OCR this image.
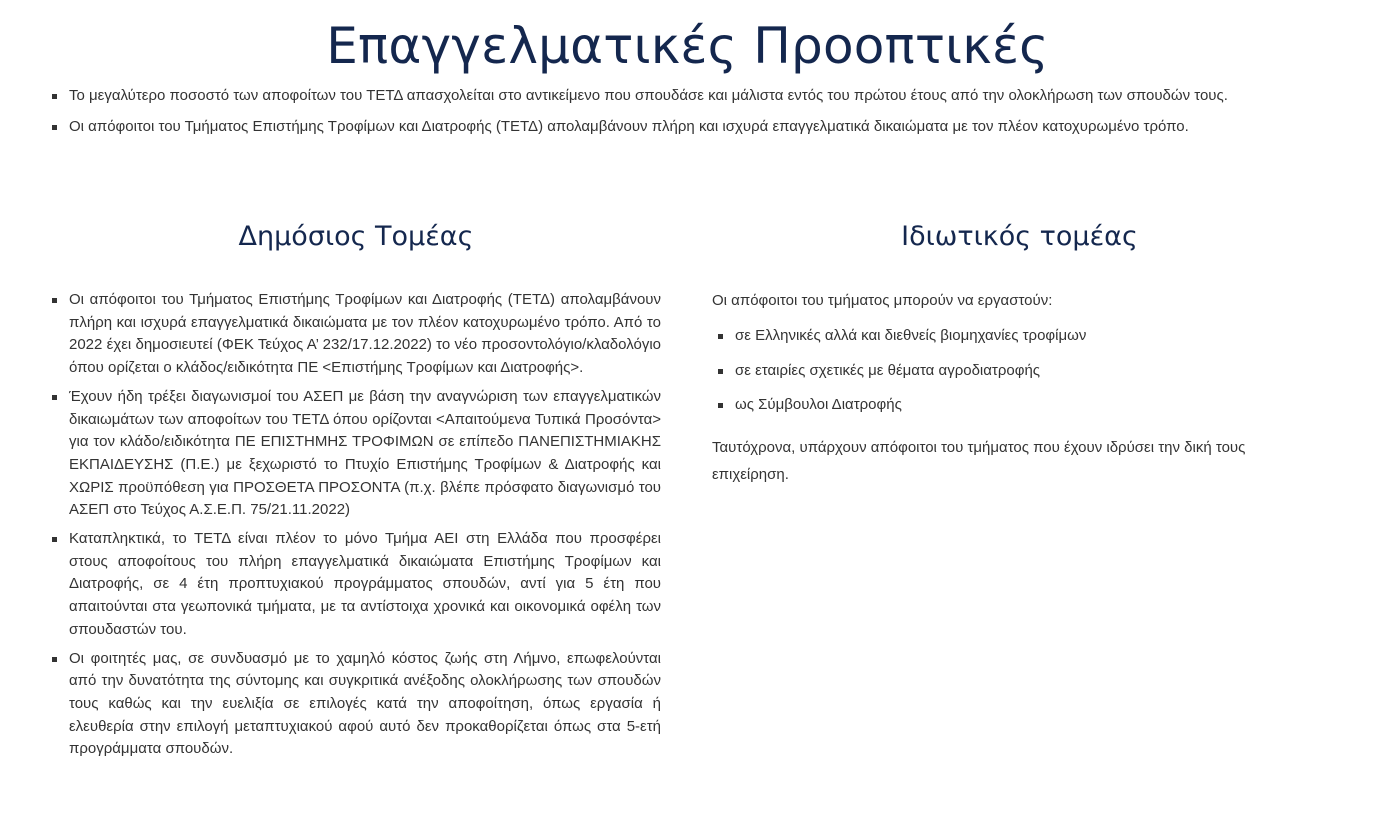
Επαγγελματικές Προοπτικές
Το μεγαλύτερο ποσοστό των αποφοίτων του ΤΕΤΔ απασχολείται στο αντικείμενο που σπουδάσε και μάλιστα εντός του πρώτου έτους από την ολοκλήρωση των σπουδών τους.
Οι απόφοιτοι του Τμήματος Επιστήμης Τροφίμων και Διατροφής (ΤΕΤΔ) απολαμβάνουν πλήρη και ισχυρά επαγγελματικά δικαιώματα με τον πλέον κατοχυρωμένο τρόπο.
Δημόσιος Τομέας
Οι απόφοιτοι του Τμήματος Επιστήμης Τροφίμων και Διατροφής (ΤΕΤΔ) απολαμβάνουν πλήρη και ισχυρά επαγγελματικά δικαιώματα με τον πλέον κατοχυρωμένο τρόπο. Από το 2022 έχει δημοσιευτεί (ΦΕΚ Τεύχος Α’ 232/17.12.2022) το νέο προσοντολόγιο/κλαδολόγιο όπου ορίζεται ο κλάδος/ειδικότητα ΠΕ <Επιστήμης Τροφίμων και Διατροφής>.
Έχουν ήδη τρέξει διαγωνισμοί του ΑΣΕΠ με βάση την αναγνώριση των επαγγελματικών δικαιωμάτων των αποφοίτων του ΤΕΤΔ όπου ορίζονται <Απαιτούμενα Τυπικά Προσόντα> για τον κλάδο/ειδικότητα ΠΕ ΕΠΙΣΤΗΜΗΣ ΤΡΟΦΙΜΩΝ σε επίπεδο ΠΑΝΕΠΙΣΤΗΜΙΑΚΗΣ ΕΚΠΑΙΔΕΥΣΗΣ (Π.Ε.) με ξεχωριστό το Πτυχίο Επιστήμης Τροφίμων & Διατροφής και ΧΩΡΙΣ προϋπόθεση για ΠΡΟΣΘΕΤΑ ΠΡΟΣΟΝΤΑ (π.χ. βλέπε πρόσφατο διαγωνισμό του ΑΣΕΠ στο Τεύχος Α.Σ.Ε.Π. 75/21.11.2022)
Καταπληκτικά, το ΤΕΤΔ είναι πλέον το μόνο Τμήμα ΑΕΙ στη Ελλάδα που προσφέρει στους αποφοίτους του πλήρη επαγγελματικά δικαιώματα Επιστήμης Τροφίμων και Διατροφής, σε 4 έτη προπτυχιακού προγράμματος σπουδών, αντί για 5 έτη που απαιτούνται στα γεωπονικά τμήματα, με τα αντίστοιχα χρονικά και οικονομικά οφέλη των σπουδαστών του.
Οι φοιτητές μας, σε συνδυασμό με το χαμηλό κόστος ζωής στη Λήμνο, επωφελούνται από την δυνατότητα της σύντομης και συγκριτικά ανέξοδης ολοκλήρωσης των σπουδών τους καθώς και την ευελιξία σε επιλογές κατά την αποφοίτηση, όπως εργασία ή ελευθερία στην επιλογή μεταπτυχιακού αφού αυτό δεν προκαθορίζεται όπως στα 5-ετή προγράμματα σπουδών.
Ιδιωτικός τομέας

Οι απόφοιτοι του τμήματος μπορούν να εργαστούν:

σε Ελληνικές αλλά και διεθνείς βιομηχανίες τροφίμων
σε εταιρίες σχετικές με θέματα αγροδιατροφής
ως Σύμβουλοι Διατροφής

Ταυτόχρονα, υπάρχουν απόφοιτοι του τμήματος που έχουν ιδρύσει την δική τους επιχείρηση.
